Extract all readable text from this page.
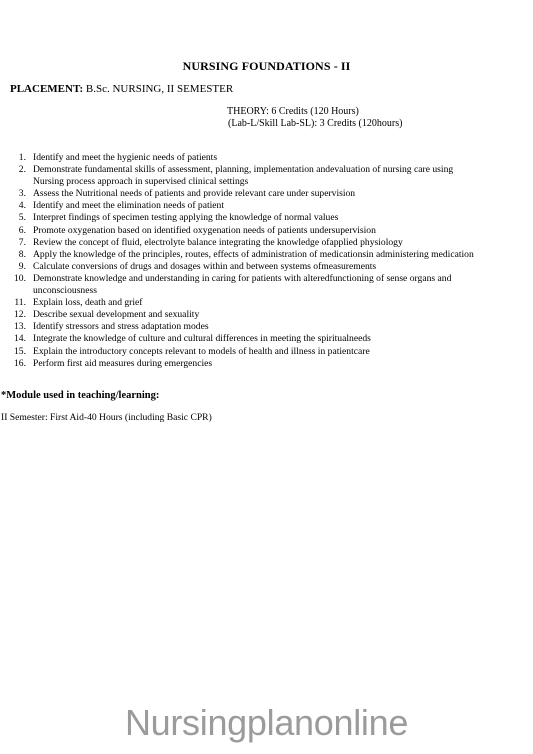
NURSING FOUNDATIONS - II
PLACEMENT: B.Sc. NURSING, II SEMESTER
THEORY: 6 Credits (120 Hours)
(Lab-L/Skill Lab-SL): 3 Credits (120hours)
1. Identify and meet the hygienic needs of patients
2. Demonstrate fundamental skills of assessment, planning, implementation andevaluation of nursing care using
Nursing process approach in supervised clinical settings
3. Assess the Nutritional needs of patients and provide relevant care under supervision
4. Identify and meet the elimination needs of patient
5. Interpret findings of specimen testing applying the knowledge of normal values
6. Promote oxygenation based on identified oxygenation needs of patients undersupervision
7. Review the concept of fluid, electrolyte balance integrating the knowledge ofapplied physiology
8. Apply the knowledge of the principles, routes, effects of administration of medicationsin administering medication
9. Calculate conversions of drugs and dosages within and between systems ofmeasurements
10. Demonstrate knowledge and understanding in caring for patients with alteredfunctioning of sense organs and
unconsciousness
11. Explain loss, death and grief
12. Describe sexual development and sexuality
13. Identify stressors and stress adaptation modes
14. Integrate the knowledge of culture and cultural differences in meeting the spiritualneeds
15. Explain the introductory concepts relevant to models of health and illness in patientcare
16. Perform first aid measures during emergencies
*Module used in teaching/learning:
II Semester: First Aid-40 Hours (including Basic CPR)
Nursingplanonline
